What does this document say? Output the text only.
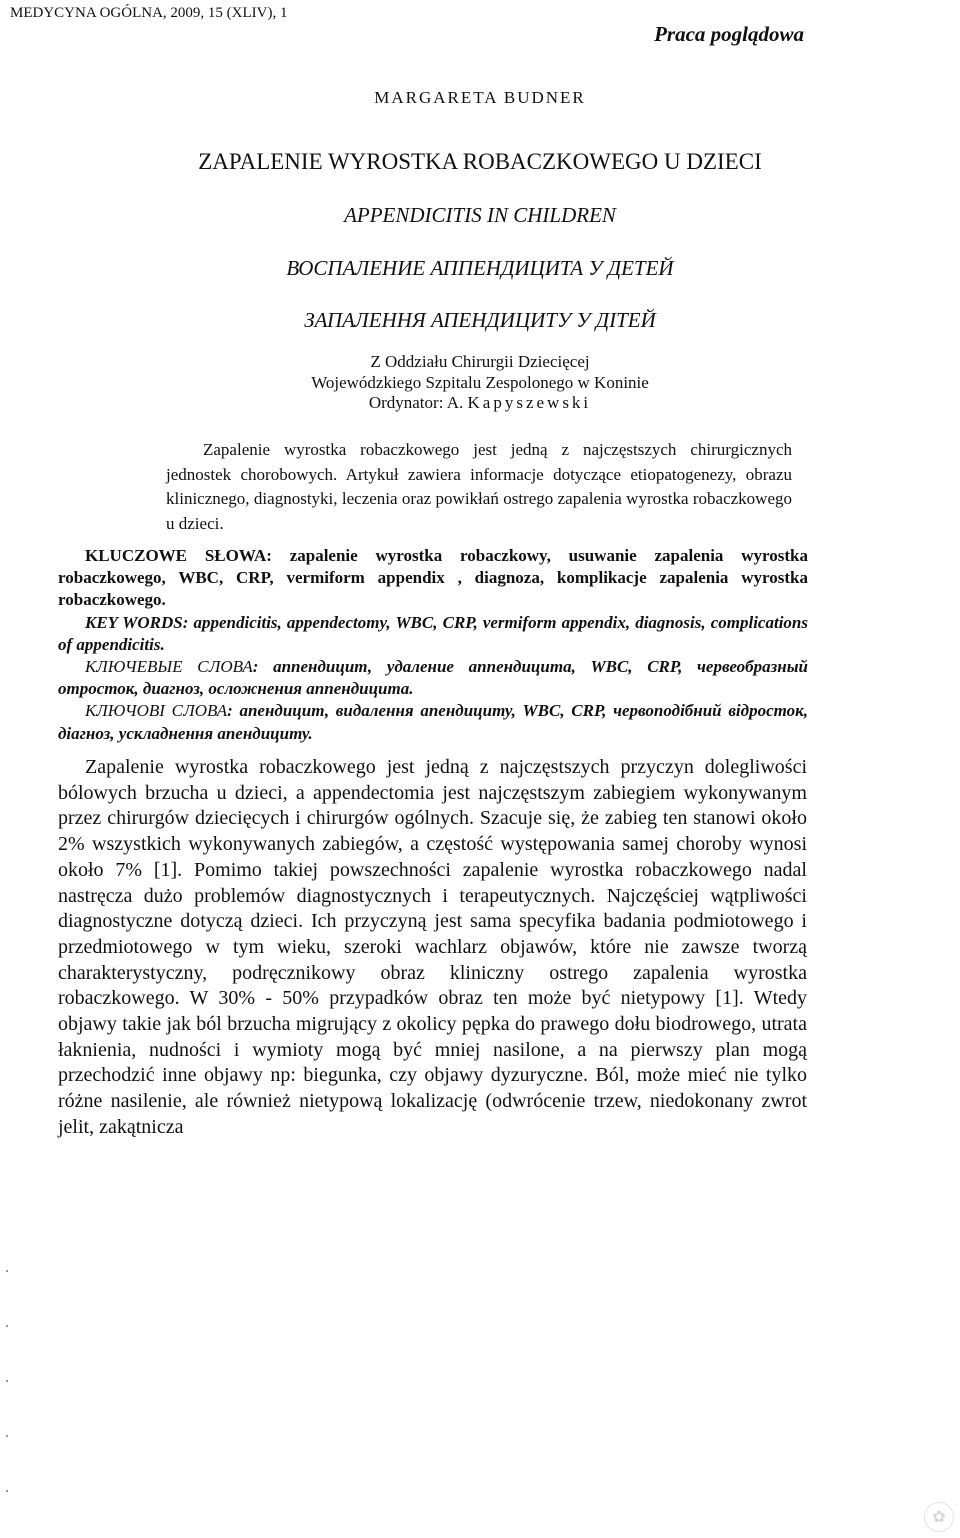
MEDYCYNA OGÓLNA, 2009, 15 (XLIV), 1
Praca poglądowa
MARGARETA BUDNER
ZAPALENIE WYROSTKA ROBACZKOWEGO U DZIECI
APPENDICITIS IN CHILDREN
ВОСПАЛЕНИЕ АППЕНДИЦИТА У ДЕТЕЙ
ЗАПАЛЕННЯ АПЕНДИЦИТУ У ДІТЕЙ
Z Oddziału Chirurgii Dziecięcej
Wojewódzkiego Szpitalu Zespolonego w Koninie
Ordynator: A. Kapyszewski
Zapalenie wyrostka robaczkowego jest jedną z najczęstszych chirurgicznych jednostek chorobowych. Artykuł zawiera informacje dotyczące etiopatogenezy, obrazu klinicznego, diagnostyki, leczenia oraz powikłań ostrego zapalenia wyrostka robaczkowego u dzieci.

KLUCZOWE SŁOWA: zapalenie wyrostka robaczkowy, usuwanie zapalenia wyrostka robaczkowego, WBC, CRP, vermiform appendix , diagnoza, komplikacje zapalenia wyrostka robaczkowego.

KEY WORDS: appendicitis, appendectomy, WBC, CRP, vermiform appendix, diagnosis, complications of appendicitis.

КЛЮЧЕВЫЕ СЛОВА: аппендицит, удаление аппендицита, WBC, CRP, червеобразный отросток, диагноз, осложнения аппендицита.

КЛЮЧОВІ СЛОВА: апендицит, видалення апендициту, WBC, CRP, червоподібний відросток, діагноз, ускладнення апендициту.

Zapalenie wyrostka robaczkowego jest jedną z najczęstszych przyczyn dolegliwości bólowych brzucha u dzieci, a appendectomia jest najczęstszym zabiegiem wykonywanym przez chirurgów dziecięcych i chirurgów ogólnych. Szacuje się, że zabieg ten stanowi około 2% wszystkich wykonywanych zabiegów, a częstość występowania samej choroby wynosi około 7% [1]. Pomimo takiej powszechności zapalenie wyrostka robaczkowego nadal nastręcza dużo problemów diagnostycznych i terapeutycznych. Najczęściej wątpliwości diagnostyczne dotyczą dzieci. Ich przyczyną jest sama specyfika badania podmiotowego i przedmiotowego w tym wieku, szeroki wachlarz objawów, które nie zawsze tworzą charakterystyczny, podręcznikowy obraz kliniczny ostrego zapalenia wyrostka robaczkowego. W 30% - 50% przypadków obraz ten może być nietypowy [1]. Wtedy objawy takie jak ból brzucha migrujący z okolicy pępka do prawego dołu biodrowego, utrata łaknienia, nudności i wymioty mogą być mniej nasilone, a na pierwszy plan mogą przechodzić inne objawy np: biegunka, czy objawy dyzuryczne. Ból, może mieć nie tylko różne nasilenie, ale również nietypową lokalizację (odwrócenie trzew, niedokonany zwrot jelit, zakątnicza
✿
